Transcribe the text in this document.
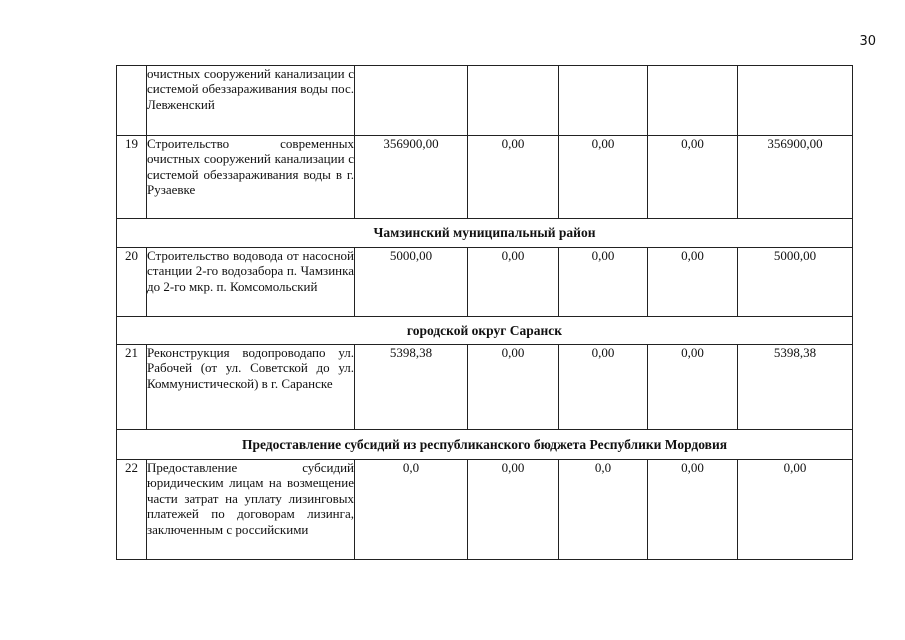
30
	очистных сооружений канализации с системой обеззараживания воды пос. Левженский					
19	Строительство современных очистных сооружений канализации с системой обеззараживания воды в г. Рузаевке	356900,00	0,00	0,00	0,00	356900,00
Чамзинский муниципальный район						
20	Строительство водовода от насосной станции 2-го водозабора п. Чамзинка до 2-го мкр. п. Комсомольский	5000,00	0,00	0,00	0,00	5000,00
городской округ Саранск						
21	Реконструкция водопроводапо ул. Рабочей (от ул. Советской до ул. Коммунистической) в г. Саранске	5398,38	0,00	0,00	0,00	5398,38
Предоставление субсидий из республиканского бюджета Республики Мордовия						
22	Предоставление субсидий юридическим лицам на возмещение части затрат на уплату лизинговых платежей по договорам лизинга, заключенным с российскими	0,0	0,00	0,0	0,00	0,00
